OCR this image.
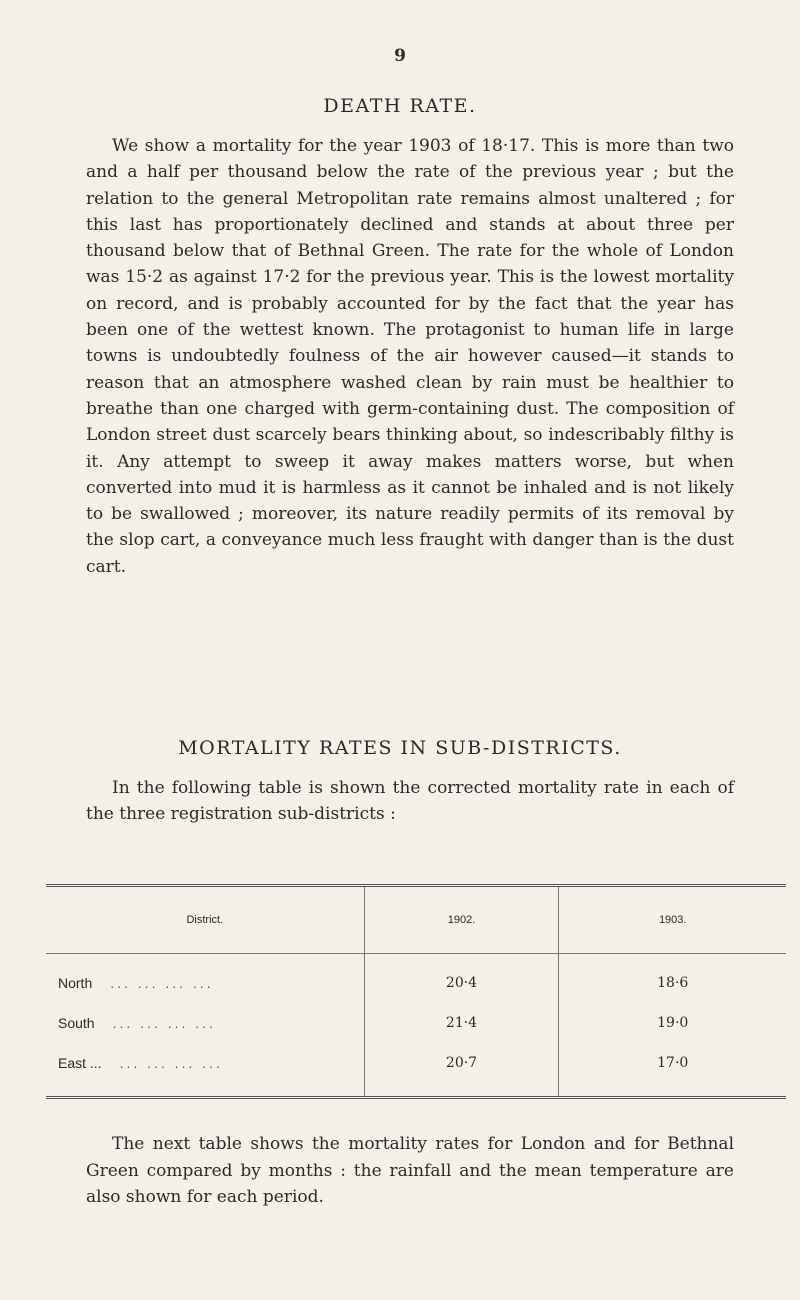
9
DEATH RATE.

We show a mortality for the year 1903 of 18·17. This is more than two and a half per thousand below the rate of the previous year ; but the relation to the general Metropolitan rate remains almost unaltered ; for this last has proportionately declined and stands at about three per thousand below that of Bethnal Green. The rate for the whole of London was 15·2 as against 17·2 for the previous year. This is the lowest mortality on record, and is probably accounted for by the fact that the year has been one of the wettest known. The protagonist to human life in large towns is undoubtedly foulness of the air however caused—it stands to reason that an atmosphere washed clean by rain must be healthier to breathe than one charged with germ-containing dust. The composition of London street dust scarcely bears thinking about, so indescribably filthy is it. Any attempt to sweep it away makes matters worse, but when converted into mud it is harmless as it cannot be inhaled and is not likely to be swallowed ; moreover, its nature readily permits of its removal by the slop cart, a conveyance much less fraught with danger than is the dust cart.

MORTALITY RATES IN SUB-DISTRICTS.

In the following table is shown the corrected mortality rate in each of the three registration sub-districts :

District.	1902.	1903.
North ... ... ... ...	20·4	18·6
South ... ... ... ...	21·4	19·0
East ... ... ... ... ...	20·7	17·0

The next table shows the mortality rates for London and for Bethnal Green compared by months : the rainfall and the mean temperature are also shown for each period.
